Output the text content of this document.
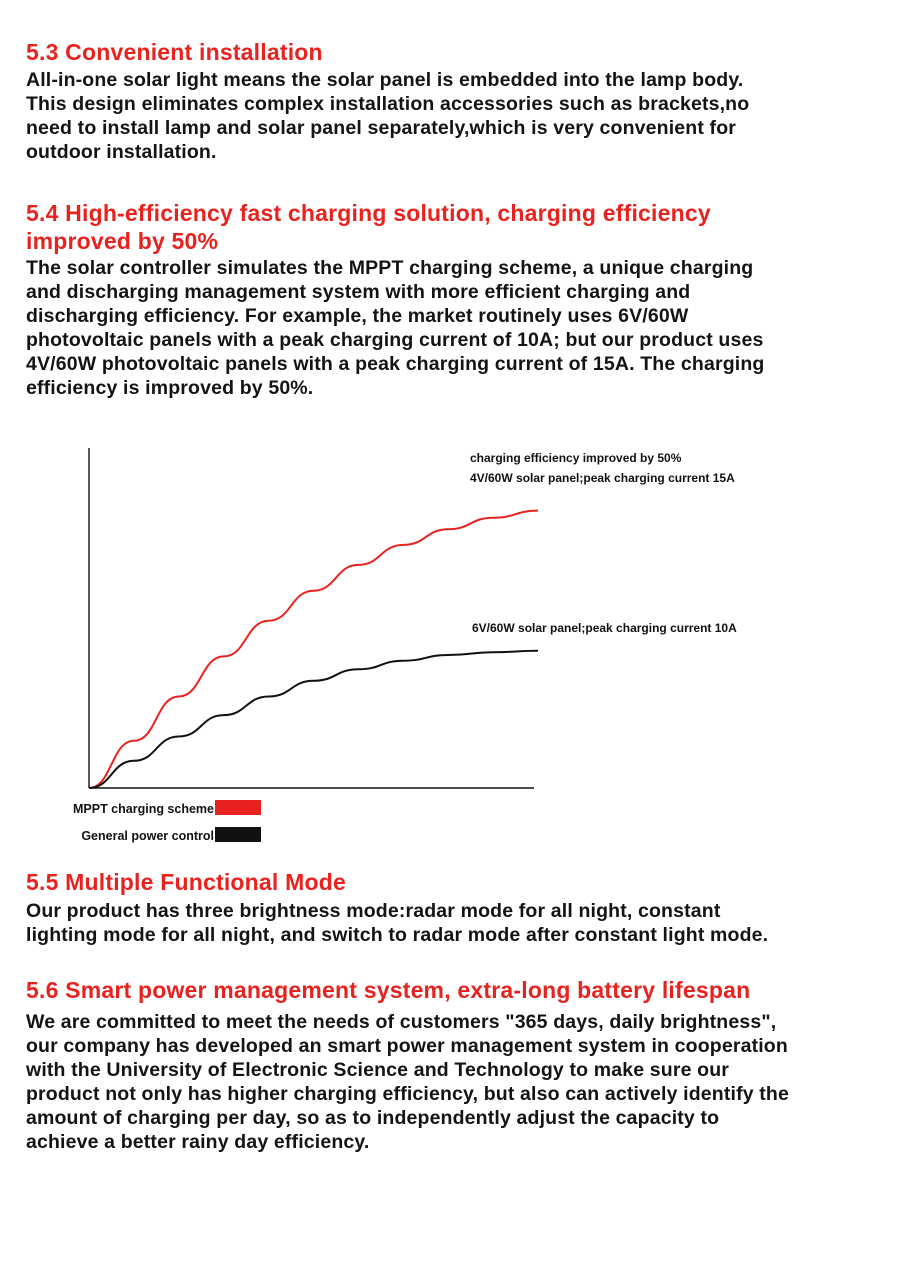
5.3 Convenient installation

All-in-one solar light means the solar panel is embedded into the lamp body.
This design eliminates complex installation accessories such as brackets,no
need to install lamp and solar panel separately,which is very convenient for
outdoor installation.

5.4 High-efficiency fast charging solution, charging efficiency
improved by 50%

The solar controller simulates the MPPT charging scheme, a unique charging
and discharging management system with more efficient charging and
discharging efficiency. For example, the market routinely uses 6V/60W
photovoltaic panels with a peak charging current of 10A; but our product uses
4V/60W photovoltaic panels with a peak charging current of 15A. The charging
efficiency is improved by 50%.

charging efficiency improved by 50%
4V/60W solar panel;peak charging current 15A
6V/60W solar panel;peak charging current 10A
MPPT charging scheme
General power control
5.5 Multiple Functional Mode

Our product has three brightness mode:radar mode for all night, constant
lighting mode for all night, and switch to radar mode after constant light mode.

5.6 Smart power management system, extra-long battery lifespan

We are committed to meet the needs of customers "365 days, daily brightness",
our company has developed an smart power management system in cooperation
with the University of Electronic Science and Technology to make sure our
product not only has higher charging efficiency, but also can actively identify the
amount of charging per day, so as to independently adjust the capacity to
achieve a better rainy day efficiency.
